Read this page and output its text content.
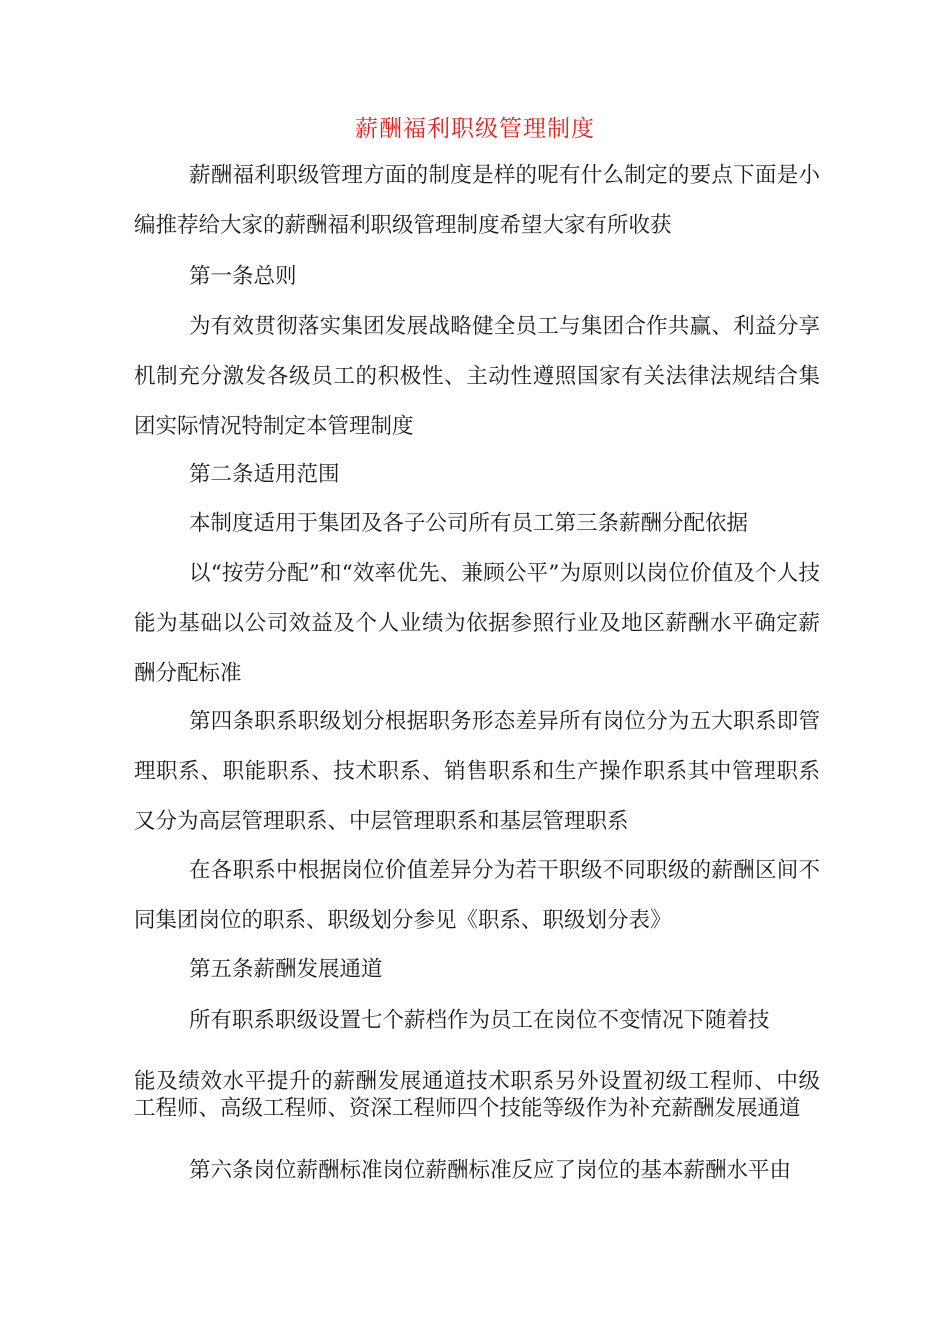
薪酬福利职级管理制度

薪酬福利职级管理方面的制度是样的呢有什么制定的要点下面是小编推荐给大家的薪酬福利职级管理制度希望大家有所收获

第一条总则

为有效贯彻落实集团发展战略健全员工与集团合作共赢、利益分享机制充分激发各级员工的积极性、主动性遵照国家有关法律法规结合集团实际情况特制定本管理制度

第二条适用范围

本制度适用于集团及各子公司所有员工第三条薪酬分配依据

以“按劳分配”和“效率优先、兼顾公平”为原则以岗位价值及个人技能为基础以公司效益及个人业绩为依据参照行业及地区薪酬水平确定薪酬分配标准

第四条职系职级划分根据职务形态差异所有岗位分为五大职系即管理职系、职能职系、技术职系、销售职系和生产操作职系其中管理职系又分为高层管理职系、中层管理职系和基层管理职系

在各职系中根据岗位价值差异分为若干职级不同职级的薪酬区间不同集团岗位的职系、职级划分参见《职系、职级划分表》

第五条薪酬发展通道

所有职系职级设置七个薪档作为员工在岗位不变情况下随着技

能及绩效水平提升的薪酬发展通道技术职系另外设置初级工程师、中级工程师、高级工程师、资深工程师四个技能等级作为补充薪酬发展通道

第六条岗位薪酬标准岗位薪酬标准反应了岗位的基本薪酬水平由
